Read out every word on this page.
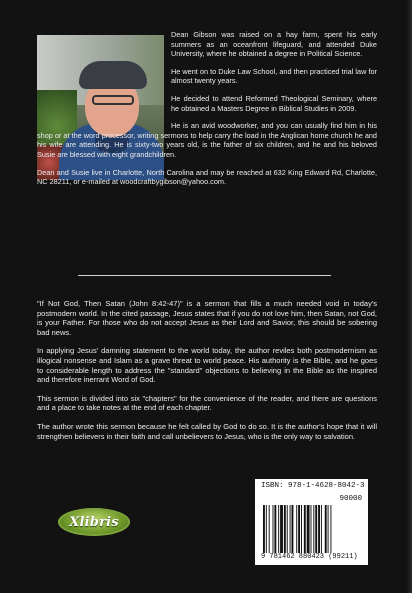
Dean Gibson was raised on a hay farm, spent his early summers as an oceanfront lifeguard, and attended Duke University, where he obtained a degree in Political Science.

He went on to Duke Law School, and then practiced trial law for almost twenty years.

He decided to attend Reformed Theological Seminary, where he obtained a Masters Degree in Biblical Studies in 2009.

He is an avid woodworker, and you can usually find him in his shop or at the word processor, writing sermons to help carry the load in the Anglican home church he and his wife are attending. He is sixty-two years old, is the father of six children, and he and his beloved Susie are blessed with eight grandchildren.

Dean and Susie live in Charlotte, North Carolina and may be reached at 632 King Edward Rd, Charlotte, NC 28211, or e-mailed at woodcraftbygibson@yahoo.com.

"If Not God, Then Satan (John 8:42-47)" is a sermon that fills a much needed void in today's postmodern world. In the cited passage, Jesus states that if you do not love him, then Satan, not God, is your Father. For those who do not accept Jesus as their Lord and Savior, this should be sobering bad news.

In applying Jesus' damning statement to the world today, the author reviles both postmodernism as illogical nonsense and Islam as a grave threat to world peace. His authority is the Bible, and he goes to considerable length to address the "standard" objections to believing in the Bible as the inspired and therefore inerrant Word of God.

This sermon is divided into six "chapters" for the convenience of the reader, and there are questions and a place to take notes at the end of each chapter.

The author wrote this sermon because he felt called by God to do so. It is the author's hope that it will strengthen believers in their faith and call unbelievers to Jesus, who is the only way to salvation.

Xlibris
ISBN: 978-1-4628-8042-3
90000
9 781462 880423 (99211)
